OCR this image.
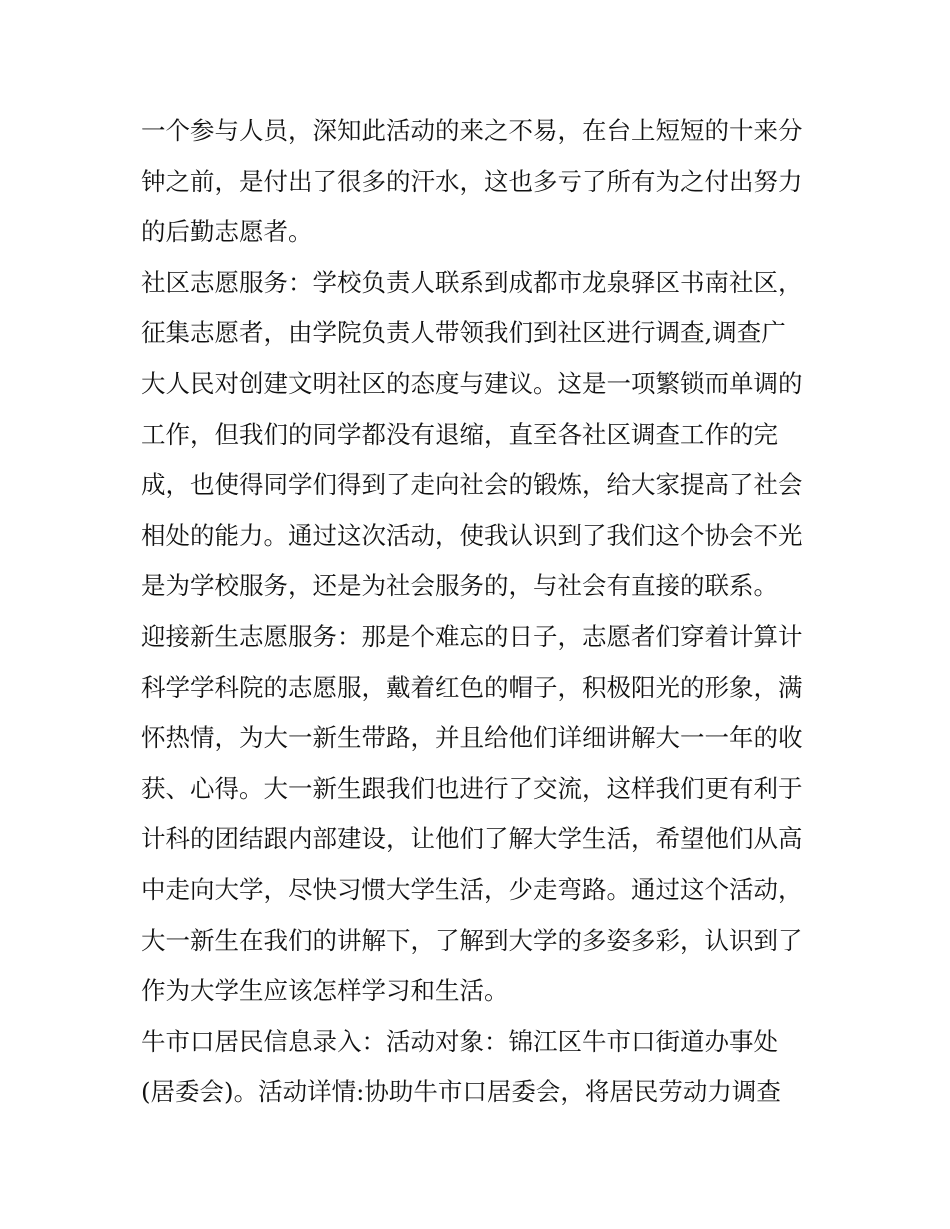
一个参与人员，深知此活动的来之不易，在台上短短的十来分
钟之前，是付出了很多的汗水，这也多亏了所有为之付出努力
的后勤志愿者。
社区志愿服务：学校负责人联系到成都市龙泉驿区书南社区，
征集志愿者，由学院负责人带领我们到社区进行调查,调查广
大人民对创建文明社区的态度与建议。这是一项繁锁而单调的
工作，但我们的同学都没有退缩，直至各社区调查工作的完
成，也使得同学们得到了走向社会的锻炼，给大家提高了社会
相处的能力。通过这次活动，使我认识到了我们这个协会不光
是为学校服务，还是为社会服务的，与社会有直接的联系。
迎接新生志愿服务：那是个难忘的日子，志愿者们穿着计算计
科学学科院的志愿服，戴着红色的帽子，积极阳光的形象，满
怀热情，为大一新生带路，并且给他们详细讲解大一一年的收
获、心得。大一新生跟我们也进行了交流，这样我们更有利于
计科的团结跟内部建设，让他们了解大学生活，希望他们从高
中走向大学，尽快习惯大学生活，少走弯路。通过这个活动，
大一新生在我们的讲解下，了解到大学的多姿多彩，认识到了
作为大学生应该怎样学习和生活。
牛市口居民信息录入：活动对象：锦江区牛市口街道办事处
(居委会)。活动详情:协助牛市口居委会，将居民劳动力调查
